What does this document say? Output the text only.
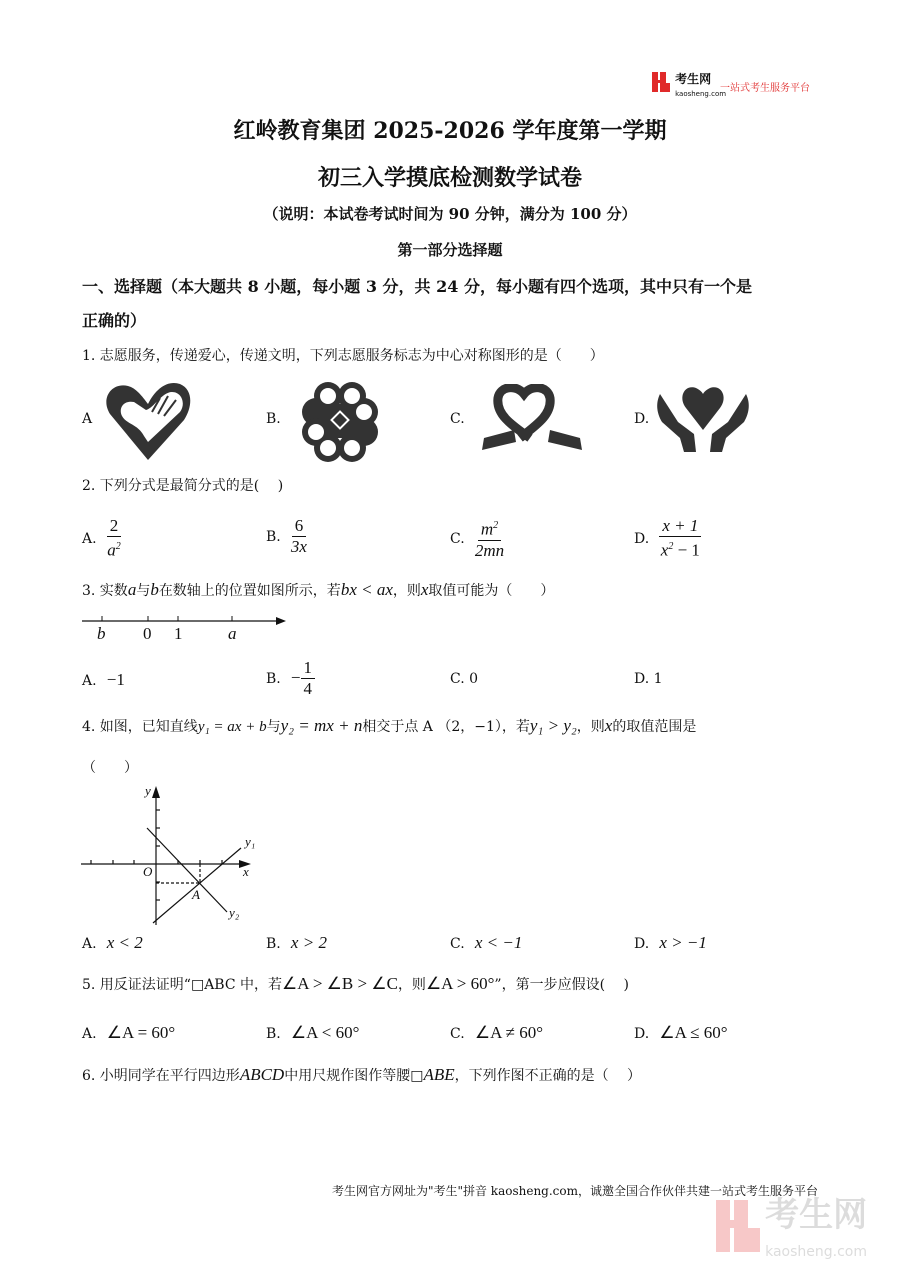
考生网
kaosheng.com
一站式考生服务平台
红岭教育集团 2025-2026 学年度第一学期
初三入学摸底检测数学试卷
（说明：本试卷考试时间为 90 分钟，满分为 100 分）
第一部分选择题
一、选择题（本大题共 8 小题，每小题 3 分，共 24 分，每小题有四个选项，其中只有一个是
正确的）
1. 志愿服务，传递爱心，传递文明，下列志愿服务标志为中心对称图形的是（　　）
A	B.	C.	D.
2. 下列分式是最简分式的是(　 )
A. $\frac{2}{a^2}$	B. $\frac{6}{3x}$	C. $\frac{m^2}{2mn}$	D. $\frac{x + 1}{x^2 - 1}$
3. 实数a与b在数轴上的位置如图所示，若bx < ax，则x取值可能为（　　）
b 0 1	a
A. −1	B. − $\frac{1}{4}$	C. 0	D. 1
4. 如图，已知直线y₁ = ax + b与y₂ = mx + n相交于点 A （2，−1），若y₁ > y₂，则x的取值范围是
（　　）
y
x
O
A
y₁
y₂
A. x < 2	B. x > 2	C. x < −1	D. x > −1
5. 用反证法证明“□ABC 中，若∠A > ∠B > ∠C，则∠A > 60°”，第一步应假设(　 )
A. ∠A = 60°	B. ∠A < 60°	C. ∠A ≠ 60°	D. ∠A ≤ 60°
6. 小明同学在平行四边形ABCD中用尺规作图作等腰□ABE，下列作图不正确的是（　 ）
考生网官方网址为"考生"拼音 kaosheng.com，诚邀全国合作伙伴共建一站式考生服务平台
考生网
kaosheng.com
